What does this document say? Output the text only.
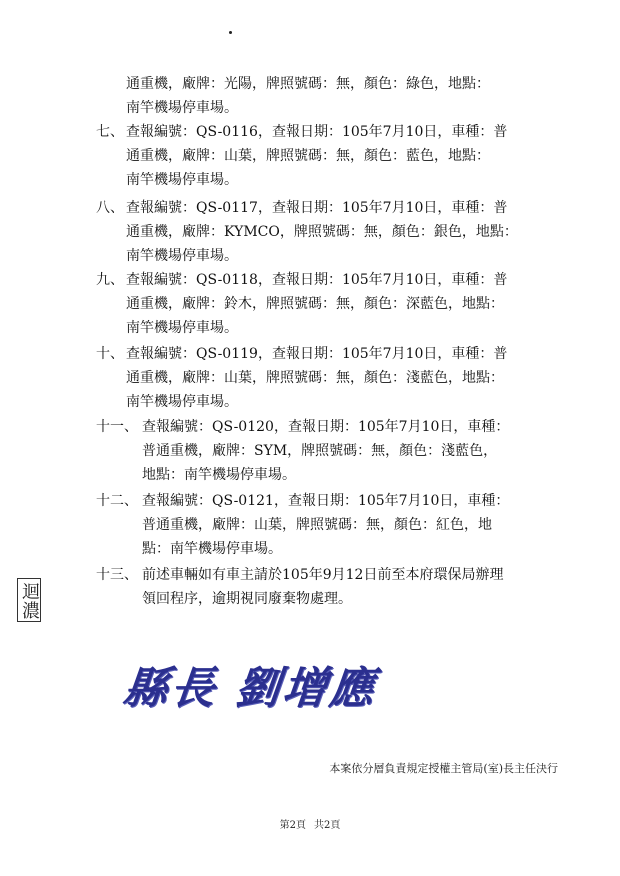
通重機，廠牌：光陽，牌照號碼：無，顏色：綠色，地點：
南竿機場停車場。
七、 查報編號：QS-0116，查報日期：105年7月10日，車種：普
通重機，廠牌：山葉，牌照號碼：無，顏色：藍色，地點：
南竿機場停車場。
八、 查報編號：QS-0117，查報日期：105年7月10日，車種：普
通重機，廠牌：KYMCO，牌照號碼：無，顏色：銀色，地點：
南竿機場停車場。
九、 查報編號：QS-0118，查報日期：105年7月10日，車種：普
通重機，廠牌：鈴木，牌照號碼：無，顏色：深藍色，地點：
南竿機場停車場。
十、 查報編號：QS-0119，查報日期：105年7月10日，車種：普
通重機，廠牌：山葉，牌照號碼：無，顏色：淺藍色，地點：
南竿機場停車場。
十一、 查報編號：QS-0120，查報日期：105年7月10日，車種：
普通重機，廠牌：SYM，牌照號碼：無，顏色：淺藍色，
地點：南竿機場停車場。
十二、 查報編號：QS-0121，查報日期：105年7月10日，車種：
普通重機，廠牌：山葉，牌照號碼：無，顏色：紅色，地
點：南竿機場停車場。
十三、 前述車輛如有車主請於105年9月12日前至本府環保局辦理
領回程序，逾期視同廢棄物處理。
迴濃
縣長 劉增應
本案依分層負責規定授權主管局(室)長主任決行
第2頁 共2頁
